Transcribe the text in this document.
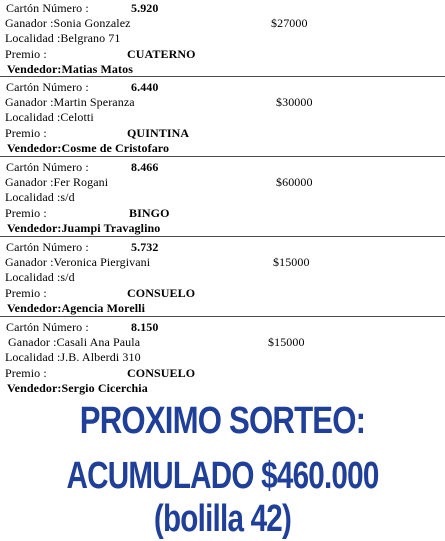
Cartón Número :	5.920
Ganador :Sonia Gonzalez	$27000
Localidad :Belgrano 71
Premio :	CUATERNO
Vendedor:Matias Matos
Cartón Número :	6.440
Ganador :Martin Speranza	$30000
Localidad :Celotti
Premio :	QUINTINA
Vendedor:Cosme de Cristofaro
Cartón Número :	8.466
Ganador :Fer Rogani	$60000
Localidad :s/d
Premio :	BINGO
Vendedor:Juampi Travaglino
Cartón Número :	5.732
Ganador :Veronica Piergivani	$15000
Localidad :s/d
Premio :	CONSUELO
Vendedor:Agencia Morelli
Cartón Número :	8.150
Ganador :Casali Ana Paula	$15000
Localidad :J.B. Alberdi 310
Premio :	CONSUELO
Vendedor:Sergio Cicerchia
PROXIMO SORTEO:
ACUMULADO $460.000 (bolilla 42)
